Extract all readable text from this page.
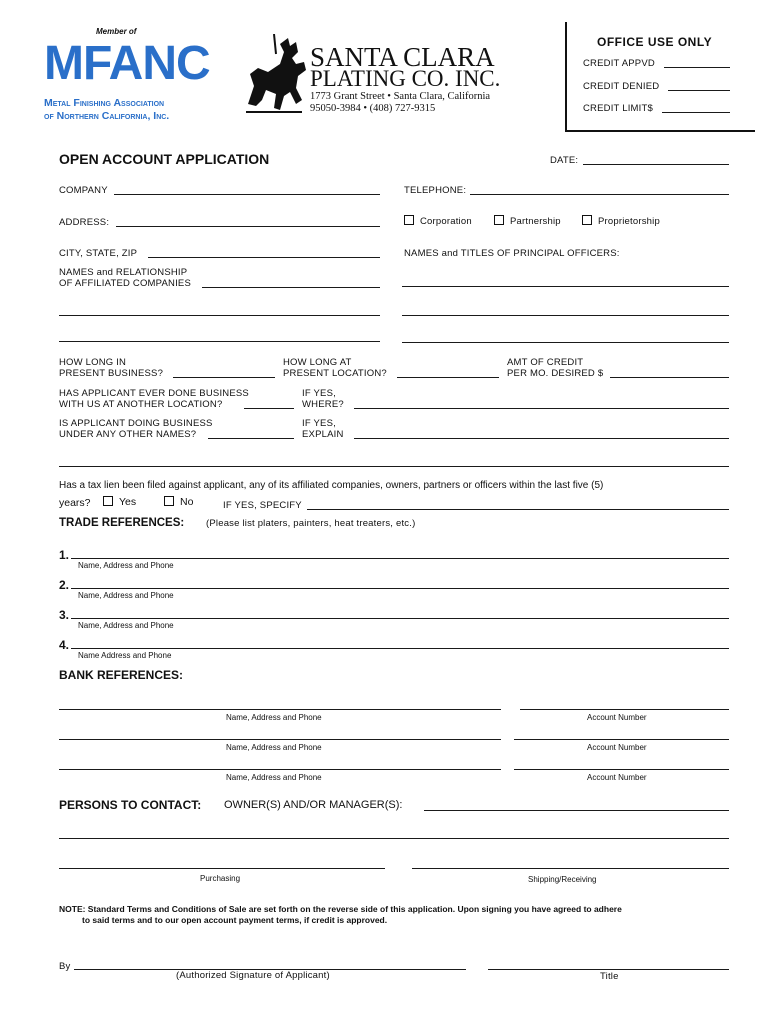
Member of
MFANC
Metal Finishing Association
of Northern California, Inc.
SANTA CLARA
PLATING CO. INC.
1773 Grant Street • Santa Clara, California
95050-3984 • (408) 727-9315
OFFICE USE ONLY
CREDIT APPVD
CREDIT DENIED
CREDIT LIMIT$
OPEN ACCOUNT APPLICATION	DATE:
COMPANY	TELEPHONE:
ADDRESS:	Corporation	Partnership	Proprietorship
CITY, STATE, ZIP	NAMES and TITLES OF PRINCIPAL OFFICERS:
NAMES and RELATIONSHIP
OF AFFILIATED COMPANIES
HOW LONG IN
PRESENT BUSINESS?
HOW LONG AT
PRESENT LOCATION?
AMT OF CREDIT
PER MO. DESIRED $
HAS APPLICANT EVER DONE BUSINESS
WITH US AT ANOTHER LOCATION?
IF YES,
WHERE?
IS APPLICANT DOING BUSINESS
UNDER ANY OTHER NAMES?
IF YES,
EXPLAIN
Has a tax lien been filed against applicant, any of its affiliated companies, owners, partners or officers within the last five (5)
years?	Yes	No	IF YES, SPECIFY
TRADE REFERENCES: (Please list platers, painters, heat treaters, etc.)
1.
Name, Address and Phone
2.
Name, Address and Phone
3.
Name, Address and Phone
4.
Name Address and Phone
BANK REFERENCES:
Name, Address and Phone	Account Number
Name, Address and Phone	Account Number
Name, Address and Phone	Account Number
PERSONS TO CONTACT: OWNER(S) AND/OR MANAGER(S):
Purchasing	Shipping/Receiving
NOTE: Standard Terms and Conditions of Sale are set forth on the reverse side of this application. Upon signing you have agreed to adhere
to said terms and to our open account payment terms, if credit is approved.
By
(Authorized Signature of Applicant)	Title
